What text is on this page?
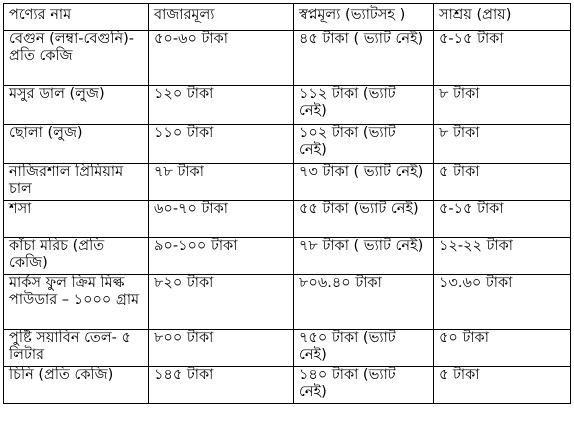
পণ্যের নাম	বাজারমূল্য	স্বপ্নমূল্য (ভ্যাটসহ )	সাশ্রয় (প্রায়)
বেগুন (লম্বা-বেগুনি)- প্রতি কেজি	৫০-৬০ টাকা	৪৫ টাকা ( ভ্যাট নেই)	৫-১৫ টাকা
মসুর ডাল (লুজ)	১২০ টাকা	১১২ টাকা (ভ্যাট নেই)	৮ টাকা
ছোলা (লুজ)	১১০ টাকা	১০২ টাকা (ভ্যাট নেই)	৮ টাকা
নাজিরশাল প্রিমিয়াম চাল	৭৮ টাকা	৭৩ টাকা ( ভ্যাট নেই)	৫ টাকা
শসা	৬০-৭০ টাকা	৫৫ টাকা (ভ্যাট নেই)	৫-১৫ টাকা
কাঁচা মরিচ (প্রতি কেজি)	৯০-১০০ টাকা	৭৮ টাকা ( ভ্যাট নেই)	১২-২২ টাকা
মার্কস ফুল ক্রিম মিল্ক পাউডার – ১০০০ গ্রাম	৮২০ টাকা	৮০৬.৪০ টাকা	১৩.৬০ টাকা
পুষ্টি সয়াবিন তেল- ৫ লিটার	৮০০ টাকা	৭৫০ টাকা (ভ্যাট নেই)	৫০ টাকা
চিনি (প্রতি কেজি)	১৪৫ টাকা	১৪০ টাকা (ভ্যাট নেই)	৫ টাকা
